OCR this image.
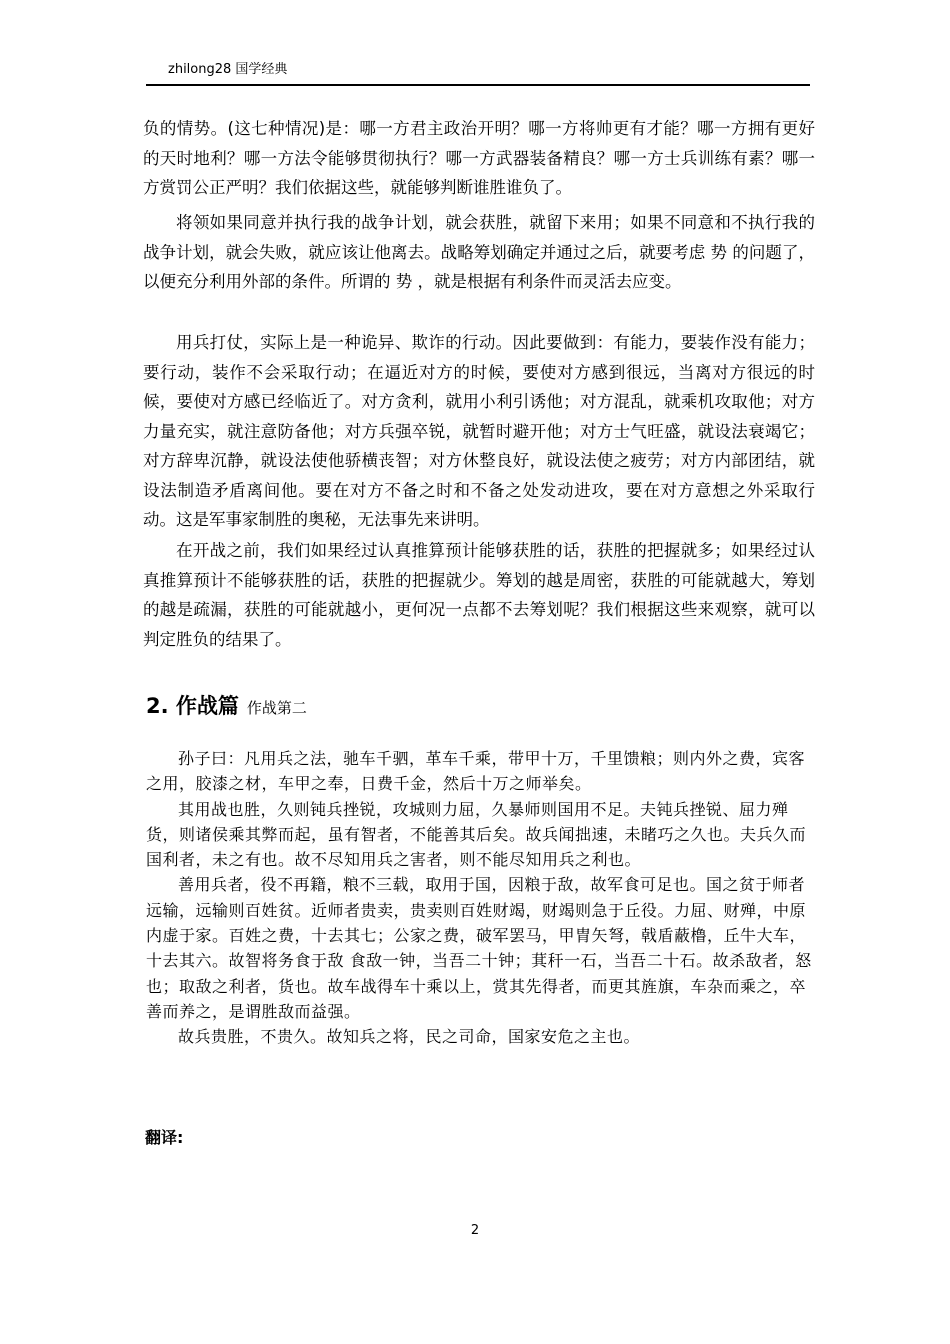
zhilong28 国学经典

负的情势。(这七种情况)是：哪一方君主政治开明？哪一方将帅更有才能？哪一方拥有更好的天时地利？哪一方法令能够贯彻执行？哪一方武器装备精良？哪一方士兵训练有素？哪一方赏罚公正严明？我们依据这些，就能够判断谁胜谁负了。

将领如果同意并执行我的战争计划，就会获胜，就留下来用；如果不同意和不执行我的战争计划，就会失败，就应该让他离去。战略筹划确定并通过之后，就要考虑 势 的问题了，以便充分利用外部的条件。所谓的 势 ，就是根据有利条件而灵活去应变。

用兵打仗，实际上是一种诡异、欺诈的行动。因此要做到：有能力，要装作没有能力；要行动，装作不会采取行动；在逼近对方的时候，要使对方感到很远，当离对方很远的时候，要使对方感已经临近了。对方贪利，就用小利引诱他；对方混乱，就乘机攻取他；对方力量充实，就注意防备他；对方兵强卒锐，就暂时避开他；对方士气旺盛，就设法衰竭它；对方辞卑沉静，就设法使他骄横丧智；对方休整良好，就设法使之疲劳；对方内部团结，就设法制造矛盾离间他。要在对方不备之时和不备之处发动进攻，要在对方意想之外采取行动。这是军事家制胜的奥秘，无法事先来讲明。

在开战之前，我们如果经过认真推算预计能够获胜的话，获胜的把握就多；如果经过认真推算预计不能够获胜的话，获胜的把握就少。筹划的越是周密，获胜的可能就越大，筹划的越是疏漏，获胜的可能就越小，更何况一点都不去筹划呢？我们根据这些来观察，就可以判定胜负的结果了。

2. 作战篇 作战第二

孙子曰：凡用兵之法，驰车千驷，革车千乘，带甲十万，千里馈粮；则内外之费，宾客之用，胶漆之材，车甲之奉，日费千金，然后十万之师举矣。

其用战也胜，久则钝兵挫锐，攻城则力屈，久暴师则国用不足。夫钝兵挫锐、屈力殚货，则诸侯乘其弊而起，虽有智者，不能善其后矣。故兵闻拙速，未睹巧之久也。夫兵久而国利者，未之有也。故不尽知用兵之害者，则不能尽知用兵之利也。

善用兵者，役不再籍，粮不三载，取用于国，因粮于敌，故军食可足也。国之贫于师者远输，远输则百姓贫。近师者贵卖，贵卖则百姓财竭，财竭则急于丘役。力屈、财殚，中原内虚于家。百姓之费，十去其七；公家之费，破军罢马，甲胄矢弩，戟盾蔽橹，丘牛大车，十去其六。故智将务食于敌 食敌一钟，当吾二十钟；萁秆一石，当吾二十石。故杀敌者，怒也；取敌之利者，货也。故车战得车十乘以上，赏其先得者，而更其旌旗，车杂而乘之，卒善而养之，是谓胜敌而益强。

故兵贵胜，不贵久。故知兵之将，民之司命，国家安危之主也。

翻译:
2
